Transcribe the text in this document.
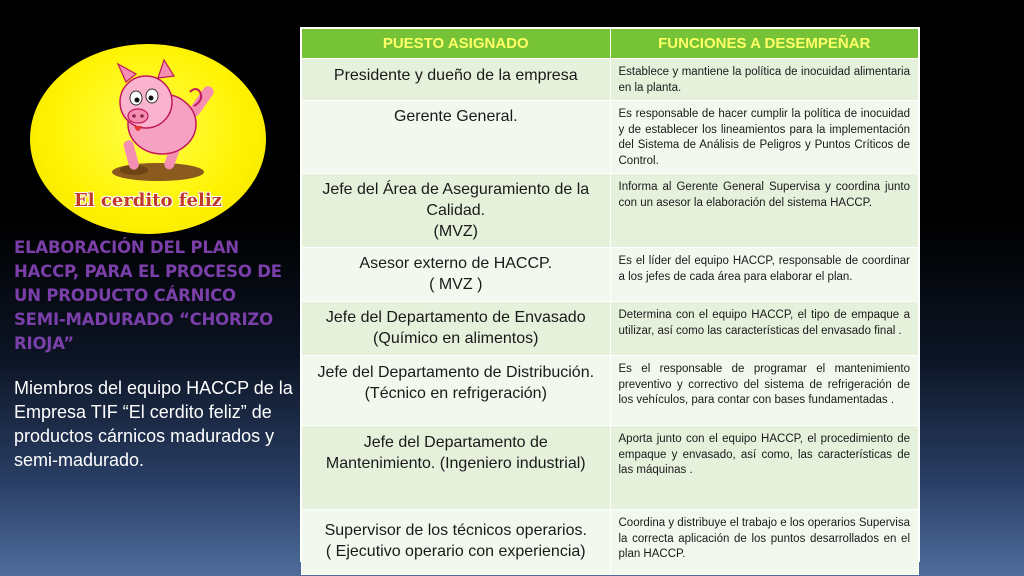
El cerdito feliz
ELABORACIÓN DEL PLAN HACCP, PARA EL PROCESO DE UN PRODUCTO CÁRNICO SEMI-MADURADO “CHORIZO RIOJA”
Miembros del equipo HACCP de la Empresa TIF “El cerdito feliz” de productos cárnicos madurados y semi-madurado.
PUESTO ASIGNADO	FUNCIONES A DESEMPEÑAR
Presidente y dueño de la empresa	Establece y mantiene la política de inocuidad alimentaria en la planta.
Gerente General.	Es responsable de hacer cumplir la política de inocuidad y de establecer los lineamientos para la implementación del Sistema de Análisis de Peligros y Puntos Críticos de Control.
Jefe del Área de Aseguramiento de la Calidad.
(MVZ)	Informa al Gerente General Supervisa y coordina junto con un asesor la elaboración del sistema HACCP.
Asesor externo de HACCP.
( MVZ )	Es el líder del equipo HACCP, responsable de coordinar a los jefes de cada área para elaborar el plan.
Jefe del Departamento de Envasado
(Químico en alimentos)	Determina con el equipo HACCP, el tipo de empaque a utilizar, así como las características del envasado final .
Jefe del Departamento de Distribución. (Técnico en refrigeración)	Es el responsable de programar el mantenimiento preventivo y correctivo del sistema de refrigeración de los vehículos, para contar con bases fundamentadas .
Jefe del Departamento de Mantenimiento. (Ingeniero industrial)	Aporta junto con el equipo HACCP, el procedimiento de empaque y envasado, así como, las características de las máquinas .
Supervisor de los técnicos operarios.
( Ejecutivo operario con experiencia)	Coordina y distribuye el trabajo e los operarios Supervisa la correcta aplicación de los puntos desarrollados en el plan HACCP.
